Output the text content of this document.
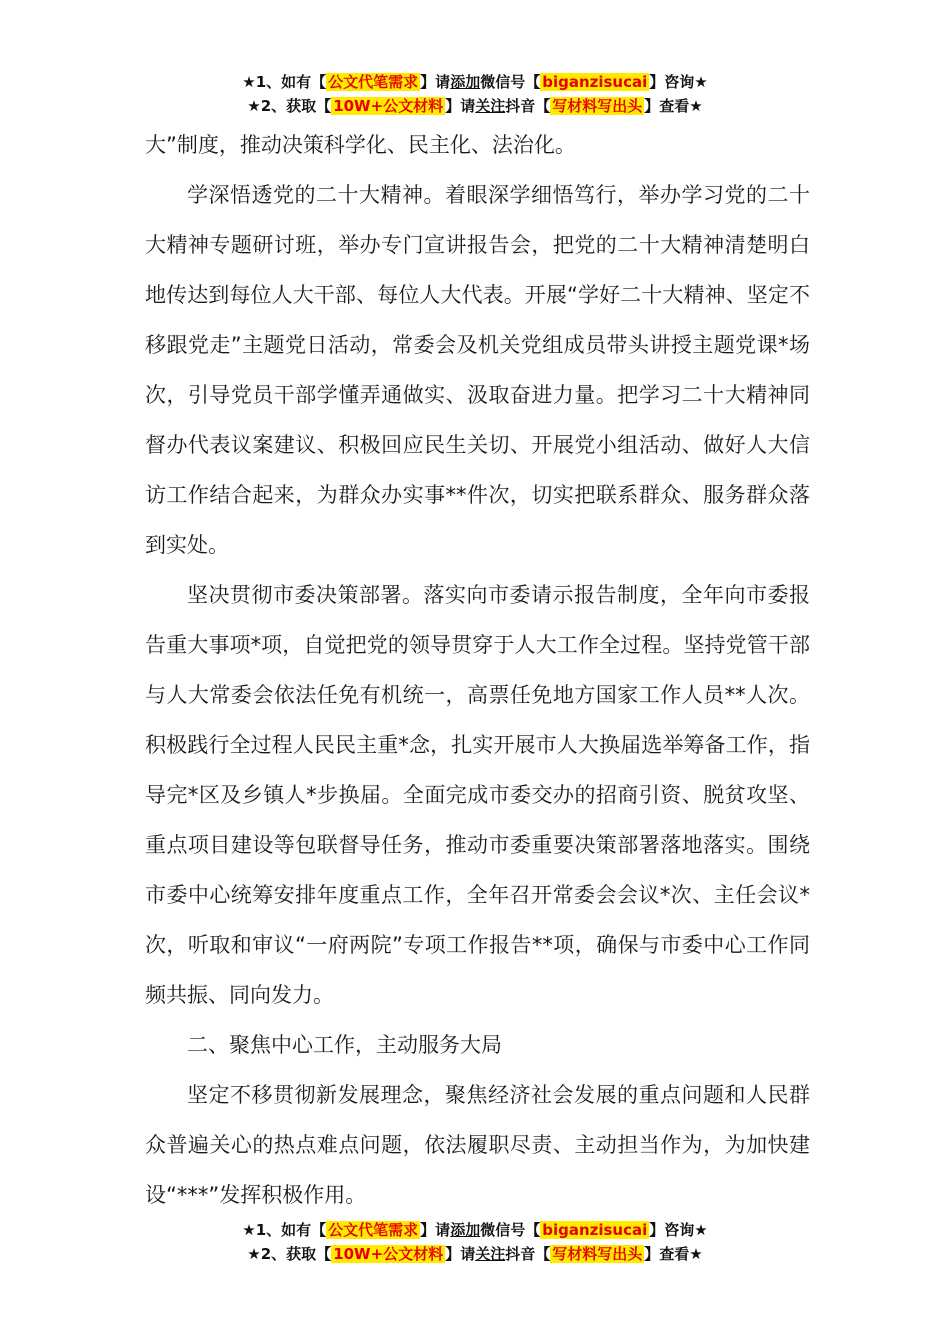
★1、如有【 公文代笔需求 】请添加微信号【 biganzisucai 】咨询★
★2、获取【 10W+公文材料 】请关注抖音【 写材料写出头 】查看★

大”制度，推动决策科学化、民主化、法治化。

学深悟透党的二十大精神。着眼深学细悟笃行，举办学习党的二十大精神专题研讨班，举办专门宣讲报告会，把党的二十大精神清楚明白地传达到每位人大干部、每位人大代表。开展“学好二十大精神、坚定不移跟党走”主题党日活动，常委会及机关党组成员带头讲授主题党课*场次，引导党员干部学懂弄通做实、汲取奋进力量。把学习二十大精神同督办代表议案建议、积极回应民生关切、开展党小组活动、做好人大信访工作结合起来，为群众办实事**件次，切实把联系群众、服务群众落到实处。

坚决贯彻市委决策部署。落实向市委请示报告制度，全年向市委报告重大事项*项，自觉把党的领导贯穿于人大工作全过程。坚持党管干部与人大常委会依法任免有机统一，高票任免地方国家工作人员**人次。积极践行全过程人民民主重*念，扎实开展市人大换届选举筹备工作，指导完*区及乡镇人*步换届。全面完成市委交办的招商引资、脱贫攻坚、重点项目建设等包联督导任务，推动市委重要决策部署落地落实。围绕市委中心统筹安排年度重点工作，全年召开常委会会议*次、主任会议*次，听取和审议“一府两院”专项工作报告**项，确保与市委中心工作同频共振、同向发力。

二、聚焦中心工作，主动服务大局

坚定不移贯彻新发展理念，聚焦经济社会发展的重点问题和人民群众普遍关心的热点难点问题，依法履职尽责、主动担当作为，为加快建设“***”发挥积极作用。

★1、如有【 公文代笔需求 】请添加微信号【 biganzisucai 】咨询★
★2、获取【 10W+公文材料 】请关注抖音【 写材料写出头 】查看★
